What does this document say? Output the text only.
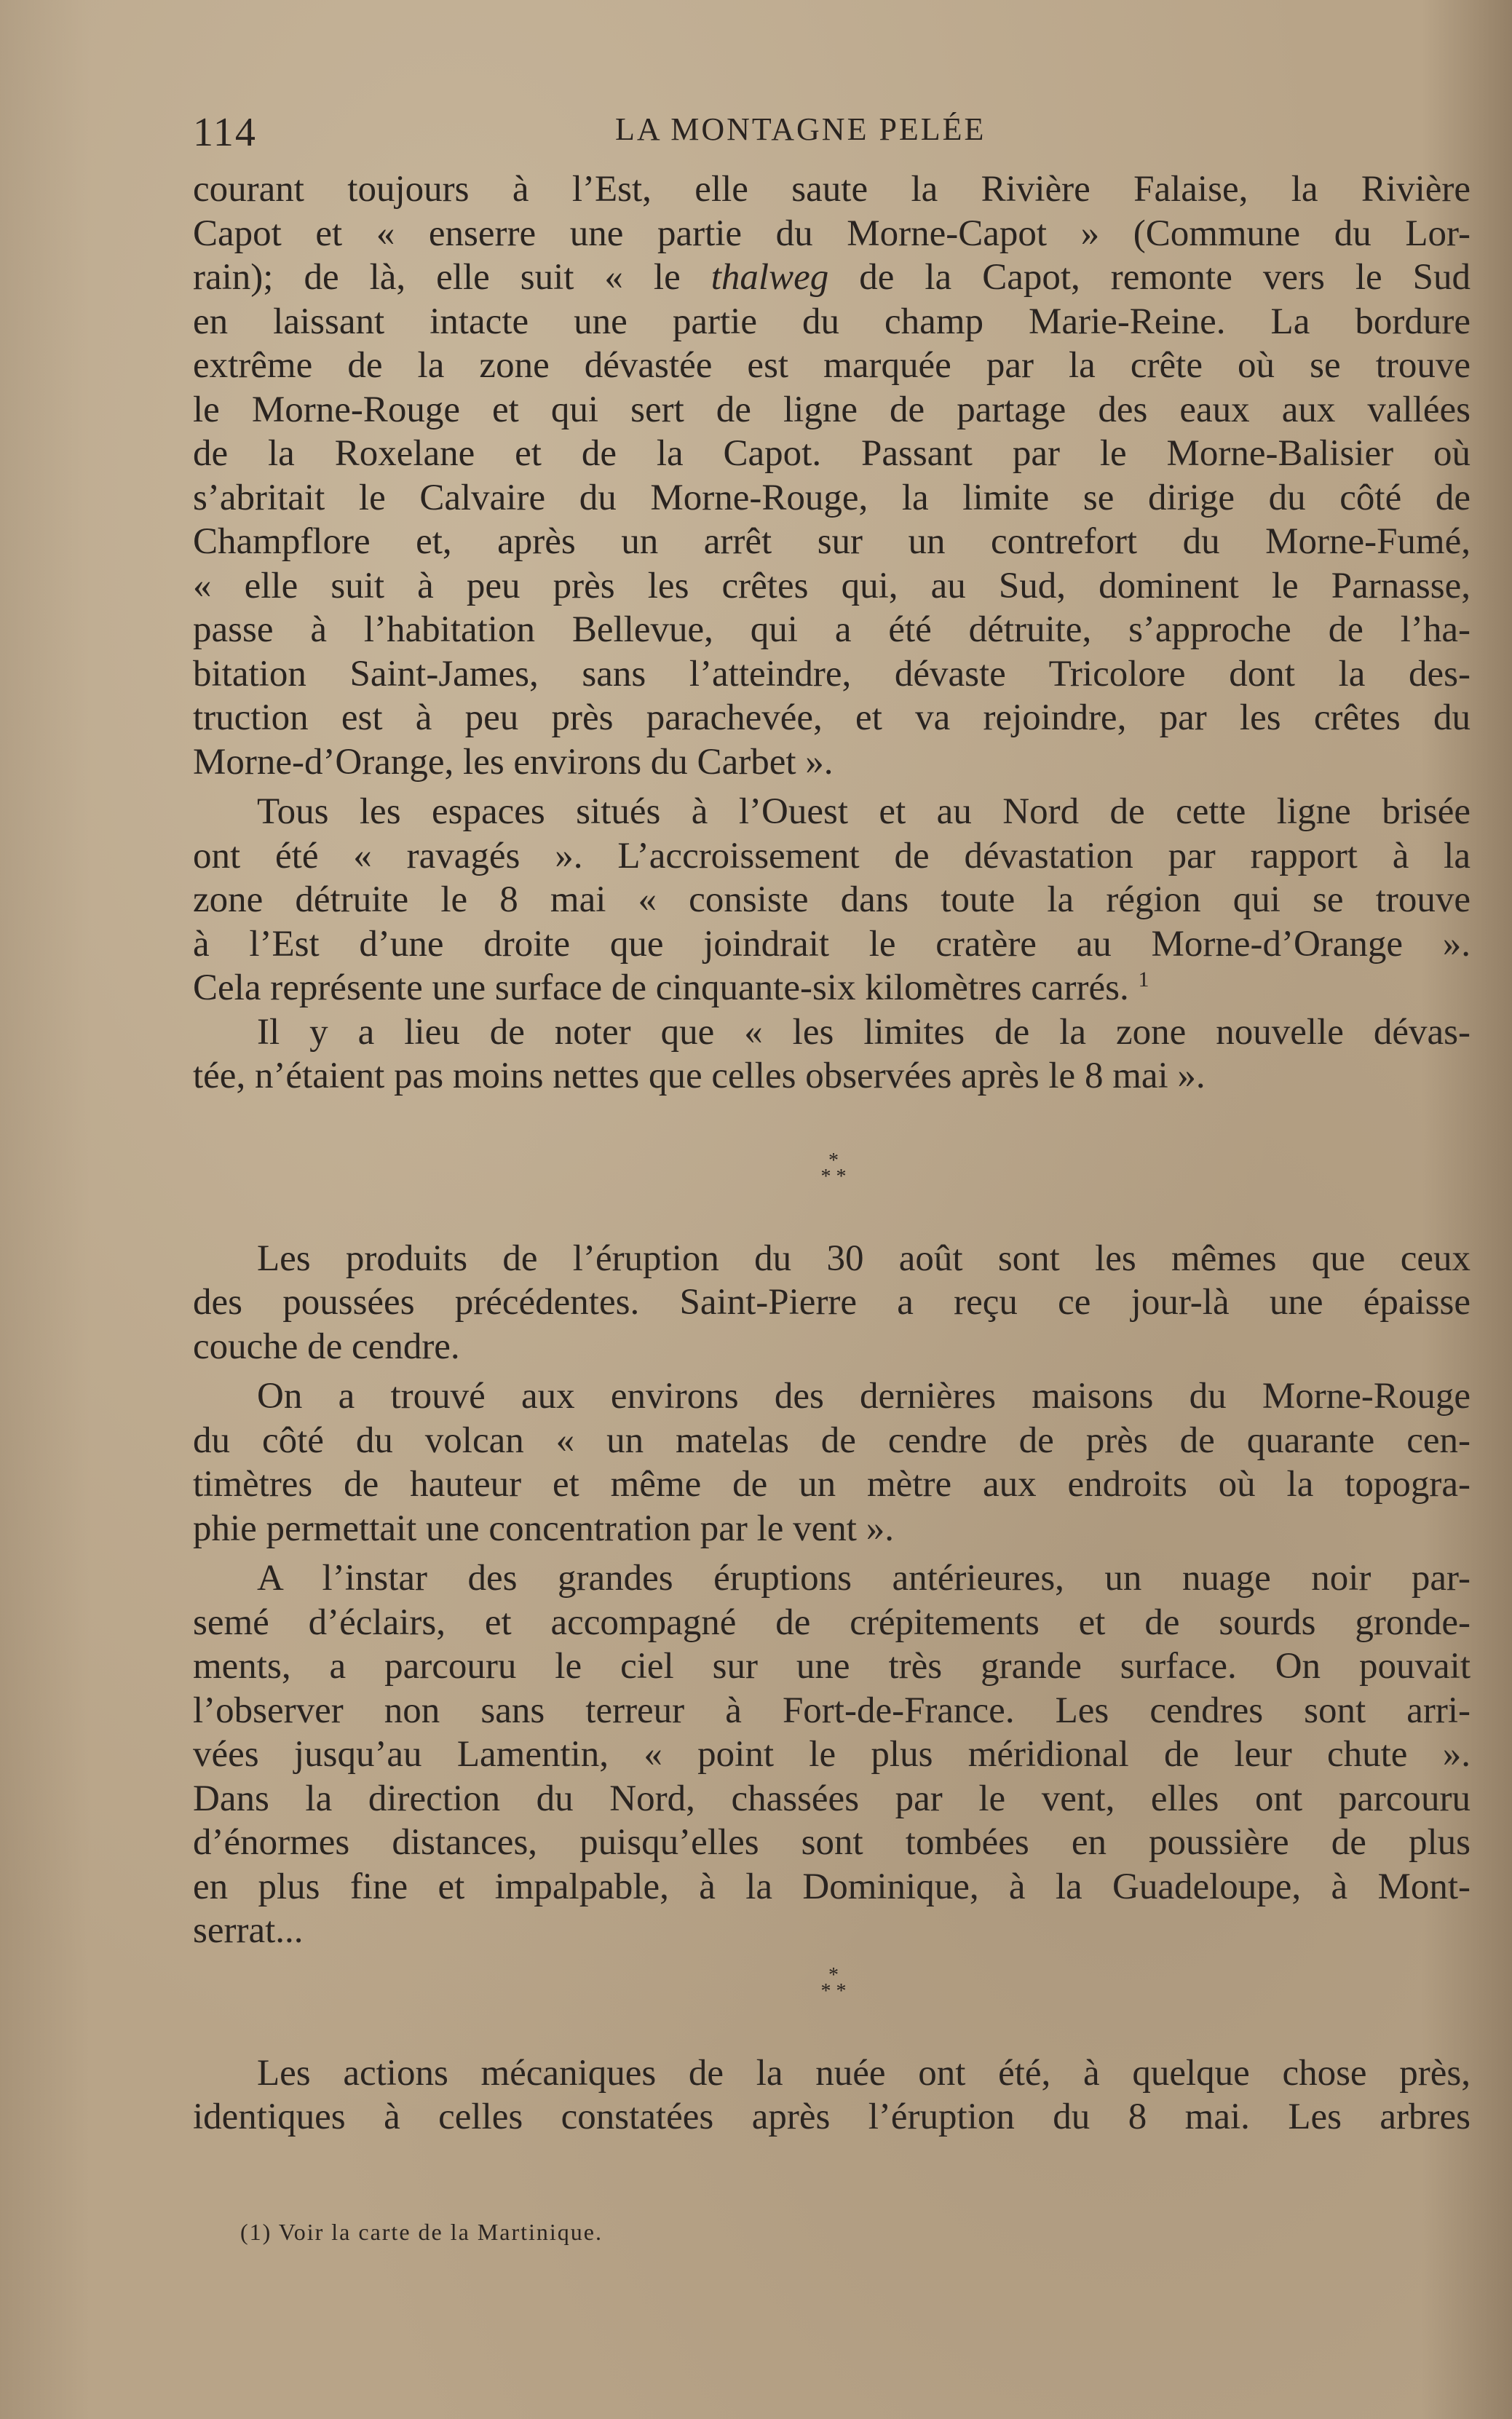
114	LA MONTAGNE PELÉE
courant toujours à l’Est, elle saute la Rivière Falaise, la Rivière
Capot et « enserre une partie du Morne-Capot » (Commune du Lor-
rain); de là, elle suit « le thalweg de la Capot, remonte vers le Sud
en laissant intacte une partie du champ Marie-Reine. La bordure
extrême de la zone dévastée est marquée par la crête où se trouve
le Morne-Rouge et qui sert de ligne de partage des eaux aux vallées
de la Roxelane et de la Capot. Passant par le Morne-Balisier où
s’abritait le Calvaire du Morne-Rouge, la limite se dirige du côté de
Champflore et, après un arrêt sur un contrefort du Morne-Fumé,
« elle suit à peu près les crêtes qui, au Sud, dominent le Parnasse,
passe à l’habitation Bellevue, qui a été détruite, s’approche de l’ha-
bitation Saint-James, sans l’atteindre, dévaste Tricolore dont la des-
truction est à peu près parachevée, et va rejoindre, par les crêtes du
Morne-d’Orange, les environs du Carbet ».
Tous les espaces situés à l’Ouest et au Nord de cette ligne brisée
ont été « ravagés ». L’accroissement de dévastation par rapport à la
zone détruite le 8 mai « consiste dans toute la région qui se trouve
à l’Est d’une droite que joindrait le cratère au Morne-d’Orange ».
Cela représente une surface de cinquante-six kilomètres carrés. $^1$
Il y a lieu de noter que « les limites de la zone nouvelle dévas-
tée, n’étaient pas moins nettes que celles observées après le 8 mai ».
*
* *
Les produits de l’éruption du 30 août sont les mêmes que ceux
des poussées précédentes. Saint-Pierre a reçu ce jour-là une épaisse
couche de cendre.
On a trouvé aux environs des dernières maisons du Morne-Rouge
du côté du volcan « un matelas de cendre de près de quarante cen-
timètres de hauteur et même de un mètre aux endroits où la topogra-
phie permettait une concentration par le vent ».
A l’instar des grandes éruptions antérieures, un nuage noir par-
semé d’éclairs, et accompagné de crépitements et de sourds gronde-
ments, a parcouru le ciel sur une très grande surface. On pouvait
l’observer non sans terreur à Fort-de-France. Les cendres sont arri-
vées jusqu’au Lamentin, « point le plus méridional de leur chute ».
Dans la direction du Nord, chassées par le vent, elles ont parcouru
d’énormes distances, puisqu’elles sont tombées en poussière de plus
en plus fine et impalpable, à la Dominique, à la Guadeloupe, à Mont-
serrat...
*
* *
Les actions mécaniques de la nuée ont été, à quelque chose près,
identiques à celles constatées après l’éruption du 8 mai. Les arbres
(1) Voir la carte de la Martinique.
